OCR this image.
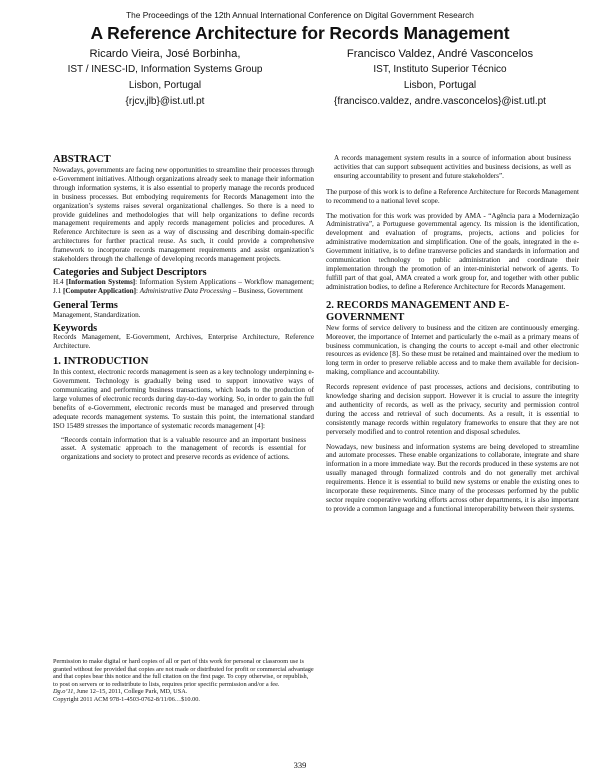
The Proceedings of the 12th Annual International Conference on Digital Government Research
A Reference Architecture for Records Management
Ricardo Vieira, José Borbinha,
IST / INESC-ID, Information Systems Group
Lisbon, Portugal
{rjcv,jlb}@ist.utl.pt
Francisco Valdez, André Vasconcelos
IST, Instituto Superior Técnico
Lisbon, Portugal
{francisco.valdez, andre.vasconcelos}@ist.utl.pt
ABSTRACT

Nowadays, governments are facing new opportunities to streamline their processes through e-Government initiatives. Although organizations already seek to manage their information through information systems, it is also essential to properly manage the records produced in business processes. But embodying requirements for Records Management into the organization’s systems raises several organizational challenges. So there is a need to provide guidelines and methodologies that will help organizations to define records management requirements and apply records management policies and procedures. A Reference Architecture is seen as a way of discussing and describing domain-specific architectures for further practical reuse. As such, it could provide a comprehensive framework to incorporate records management requirements and assist organization’s stakeholders through the challenge of developing records management projects.

Categories and Subject Descriptors

H.4 [Information Systems]: Information System Applications – Workflow management; J.1 [Computer Application]: Administrative Data Processing – Business, Government

General Terms

Management, Standardization.

Keywords

Records Management, E-Government, Archives, Enterprise Architecture, Reference Architecture.

1. INTRODUCTION

In this context, electronic records management is seen as a key technology underpinning e-Government. Technology is gradually being used to support innovative ways of communicating and performing business transactions, which leads to the production of large volumes of electronic records during day-to-day working. So, in order to gain the full benefits of e-Government, electronic records must be managed and preserved through adequate records management systems. To sustain this point, the international standard ISO 15489 stresses the importance of systematic records management [4]:

“Records contain information that is a valuable resource and an important business asset. A systematic approach to the management of records is essential for organizations and society to protect and preserve records as evidence of actions.

Permission to make digital or hard copies of all or part of this work for personal or classroom use is granted without fee provided that copies are not made or distributed for profit or commercial advantage and that copies bear this notice and the full citation on the first page. To copy otherwise, or republish, to post on servers or to redistribute to lists, requires prior specific permission and/or a fee.

Dg.o’11, June 12–15, 2011, College Park, MD, USA.

Copyright 2011 ACM 978-1-4503-0762-8/11/06…$10.00.

A records management system results in a source of information about business activities that can support subsequent activities and business decisions, as well as ensuring accountability to present and future stakeholders”.

The purpose of this work is to define a Reference Architecture for Records Management to recommend to a national level scope.

The motivation for this work was provided by AMA - “Agência para a Modernização Administrativa”, a Portuguese governmental agency. Its mission is the identification, development and evaluation of programs, projects, actions and policies for administrative modernization and simplification. One of the goals, integrated in the e-Government initiative, is to define transverse policies and standards in information and communication technology to public administration and coordinate their implementation through the promotion of an inter-ministerial network of agents. To fulfill part of that goal, AMA created a work group for, and together with other public administration bodies, to define a Reference Architecture for Records Management.

2. RECORDS MANAGEMENT AND E-GOVERNMENT

New forms of service delivery to business and the citizen are continuously emerging. Moreover, the importance of Internet and particularly the e-mail as a primary means of business communication, is changing the courts to accept e-mail and other electronic resources as evidence [8]. So these must be retained and maintained over the medium to long term in order to preserve reliable access and to make them available for decision-making, compliance and accountability.

Records represent evidence of past processes, actions and decisions, contributing to knowledge sharing and decision support. However it is crucial to assure the integrity and authenticity of records, as well as the privacy, security and permission control during the access and retrieval of such documents. As a result, it is essential to consistently manage records within regulatory frameworks to ensure that they are not perversely modified and to control retention and disposal schedules.

Nowadays, new business and information systems are being developed to streamline and automate processes. These enable organizations to collaborate, integrate and share information in a more immediate way. But the records produced in these systems are not usually managed through formalized controls and do not generally met archival requirements. Hence it is essential to build new systems or enable the existing ones to incorporate these requirements. Since many of the processes performed by the public sector require cooperative working efforts across other departments, it is also important to provide a common language and a functional interoperability between their systems.

339
